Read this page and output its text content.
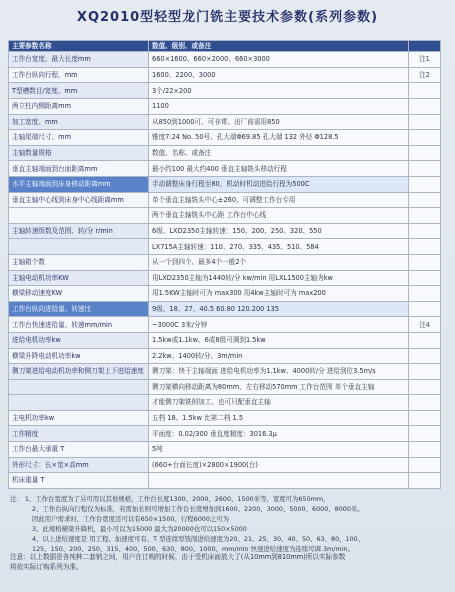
XQ2010型轻型龙门铣主要技术参数(系列参数)
主要参数名称	数值、级别、或备注	
工作台宽度、最大长度mm	660×1600、660×2000、660×3000	注1
工作台纵向行程、mm	1600、2200、3000	注2
T型槽数目/宽度、mm	3个/22×200	
两立柱内侧距离mm	1100	
加工宽度、mm	从850到1000可、可非常、出厂前需用850	
主轴尾端尺寸、mm	锥度7:24 No. 50号、孔大端Φ69.85 孔大端 132 外径 Φ128.5	
主轴数量规格	数值、名称、或备注	
垂直主轴端面到台面距离mm	最小约100 最大约400 垂直主轴铣头移动行程	
水平主轴端面到床身移动距离mm	手动调整床身行程至80、机动时机动进给行程为500C	
垂直主轴中心线到床身中心线距离mm	单个垂直主轴铣头中心±260、可调整工作台专用	
	两个垂直主轴铣头中心距 工作台中心线	
主轴转速级数及范围、转/分 r/min	6级、LXD2350主轴转速：150、200、250、320、550	
	LX715A主轴转速：110、270、335、435、510、584	
主轴箱个数	从一个到四个、最多4个一般2个	
主轴电动机功率KW	用LXD2350主轴为1440转/分 kw/min 用LXL1500主轴为kw	
横梁移动速度KW	用1.5KW主轴时可为 max300 用4kw主轴时可为 max200	
工作台纵向进给量、转速比	9级、18、27、40.5 60.80 120.200 135	
工作台快速进给量、转速mm/min	~3000C 3米/分钟	注4
进给电机功率kw	1.5kw或1.1kw、6或8级可调到1.5kw	
横梁升降电动机功率kw	2.2kw、1400转/分、3m/min	
侧刀架进给电动机功率和侧刀架上下进给速度	侧刀架：快干主轴端面 进给电机功率为1.1kw、4000转/分 进给到位3.5m/s	
	侧刀架横向移动距离为80mm、左右移动570mm 工作台范围 单个垂直主轴	
	才能侧刀架铣削加工、也可只配垂直主轴	
主电机功率kw	五档 18、1.5kw 比第二档 1.5	
工作精度	平面度：0.02/300 垂直度精度：3016.3μ	
工作台最大承重 T	5吨	
外形尺寸：长×宽×高mm	(660+台面长度)×2800×1900(台)	
机床重量 T		
注： 1、工作台宽度为了另可用以其他规格，工作台长度1300、2000、2600、1500米等，宽度可为650mm，
2、工作台纵向行程仅为标准，若需加长则可增加工作台长度增加到1600、2200、3000、5000、6000、8000米。
因此用户需求时，工作台宽度还可以有650×1500、行程6000之可为
3、此规格横梁升降机，最小可以为15000 最大为20000也可以150×5000
4、以上进给速度是 用工程、加速度可有、T 型连续型铣削进给速度为20、21、25、30、40、50、63、80、100、
125、150、200、250、315、400、500、630、800、1000、mm/min 快速进给速度为连续可调 3m/min。
注意：以上数据是各纯种二套销之间，用户在订购的时候，由于受机床面放大了(从10mm到810mm)所以实际参数
将依实际订购系列为准。
